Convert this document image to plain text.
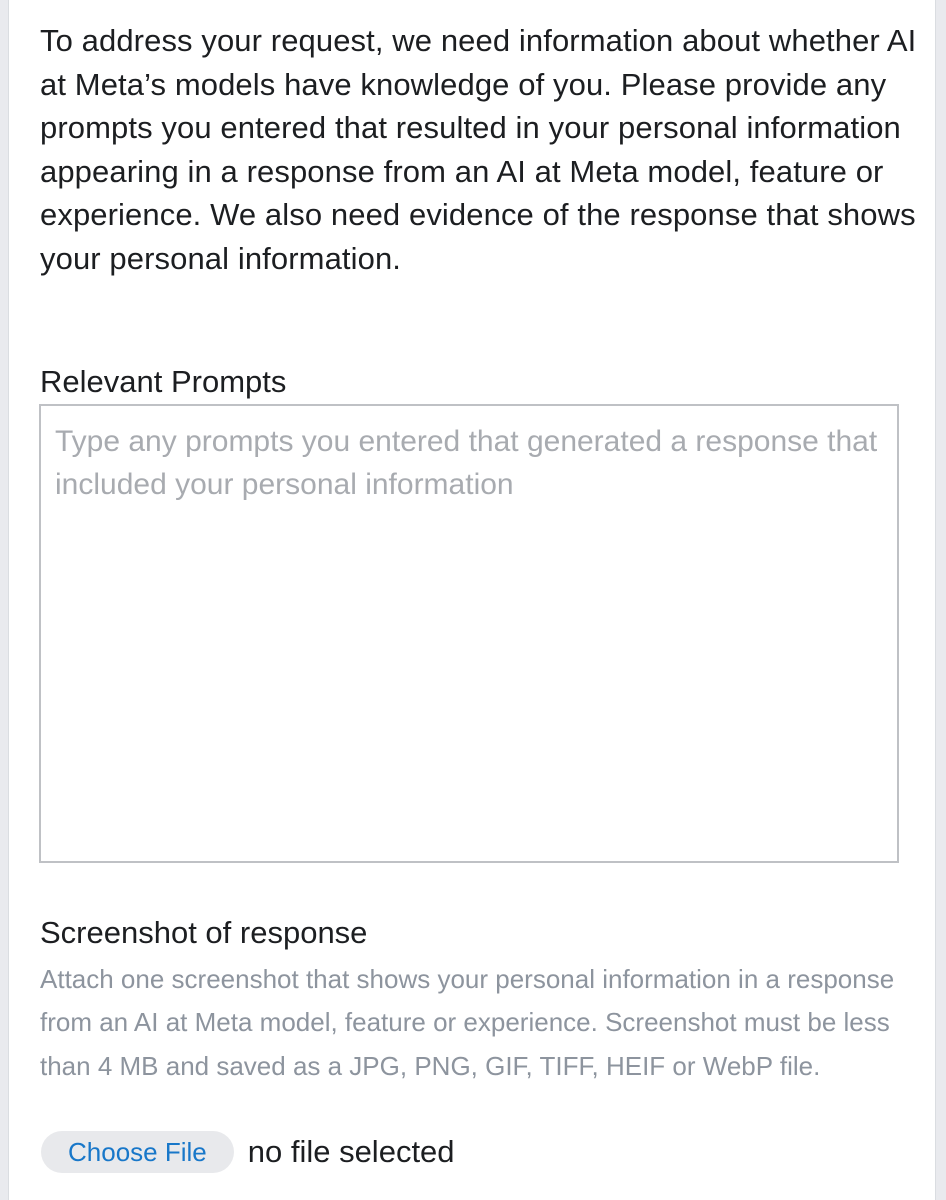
To address your request, we need information about whether AI at Meta’s models have knowledge of you. Please provide any prompts you entered that resulted in your personal information appearing in a response from an AI at Meta model, feature or experience. We also need evidence of the response that shows your personal information.

Relevant Prompts
Type any prompts you entered that generated a response that included your personal information
Screenshot of response

Attach one screenshot that shows your personal information in a response from an AI at Meta model, feature or experience. Screenshot must be less than 4 MB and saved as a JPG, PNG, GIF, TIFF, HEIF or WebP file.

Choose File	no file selected
